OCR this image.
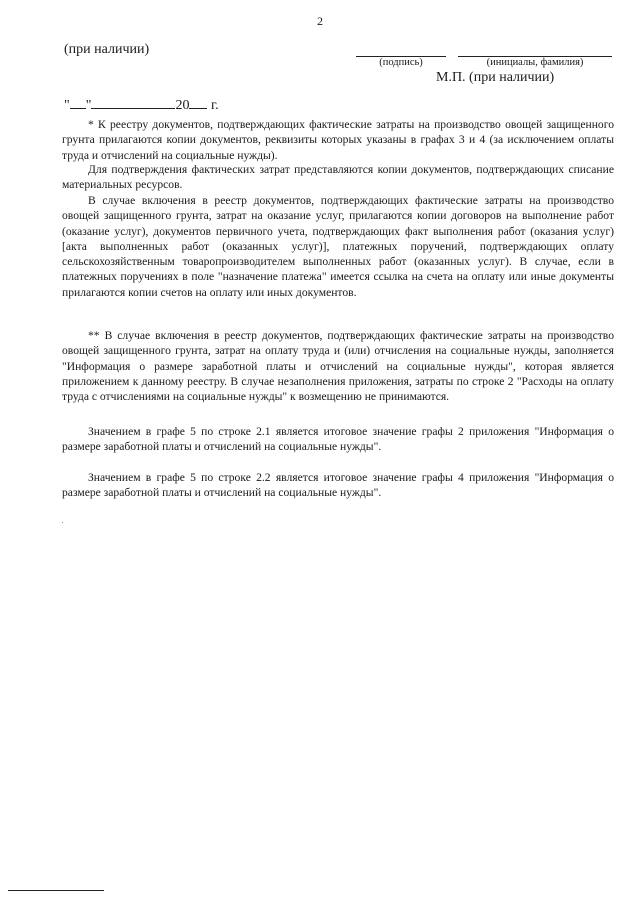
2
(при наличии)
(подпись)	(инициалы, фамилия)
М.П. (при наличии)
" "	20 г.

* К реестру документов, подтверждающих фактические затраты на производство овощей защищенного грунта прилагаются копии документов, реквизиты которых указаны в графах 3 и 4 (за исключением оплаты труда и отчислений на социальные нужды).

Для подтверждения фактических затрат представляются копии документов, подтверждающих списание материальных ресурсов.

В случае включения в реестр документов, подтверждающих фактические затраты на производство овощей защищенного грунта, затрат на оказание услуг, прилагаются копии договоров на выполнение работ (оказание услуг), документов первичного учета, подтверждающих факт выполнения работ (оказания услуг) [акта выполненных работ (оказанных услуг)], платежных поручений, подтверждающих оплату сельскохозяйственным товаропроизводителем выполненных работ (оказанных услуг). В случае, если в платежных поручениях в поле "назначение платежа" имеется ссылка на счета на оплату или иные документы прилагаются копии счетов на оплату или иных документов.

** В случае включения в реестр документов, подтверждающих фактические затраты на производство овощей защищенного грунта, затрат на оплату труда и (или) отчисления на социальные нужды, заполняется "Информация о размере заработной платы и отчислений на социальные нужды", которая является приложением к данному реестру. В случае незаполнения приложения, затраты по строке 2 "Расходы на оплату труда с отчислениями на социальные нужды" к возмещению не принимаются.

Значением в графе 5 по строке 2.1 является итоговое значение графы 2 приложения "Информация о размере заработной платы и отчислений на социальные нужды".

Значением в графе 5 по строке 2.2 является итоговое значение графы 4 приложения "Информация о размере заработной платы и отчислений на социальные нужды".
